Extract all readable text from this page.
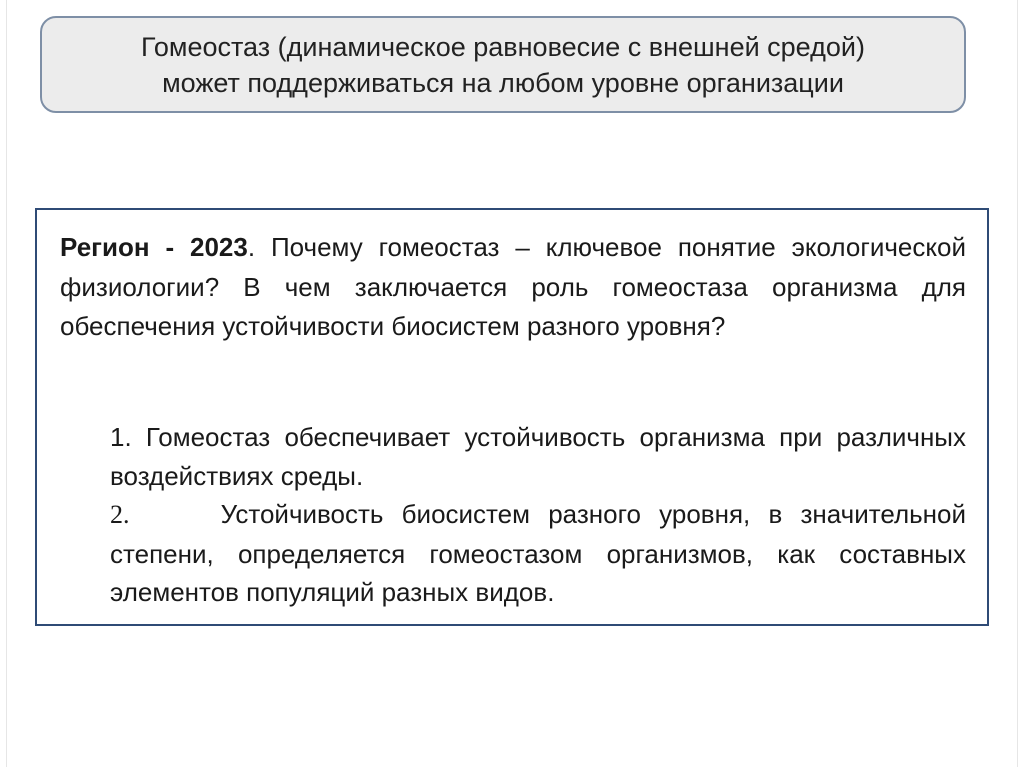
Гомеостаз (динамическое равновесие с внешней средой)
может поддерживаться на любом уровне организации
Регион - 2023. Почему гомеостаз – ключевое понятие экологической физиологии? В чем заключается роль гомеостаза организма для обеспечения устойчивости биосистем разного уровня?
1. Гомеостаз обеспечивает устойчивость организма при различных воздействиях среды.
2.	Устойчивость биосистем разного уровня, в значительной степени, определяется гомеостазом организмов, как составных элементов популяций разных видов.
